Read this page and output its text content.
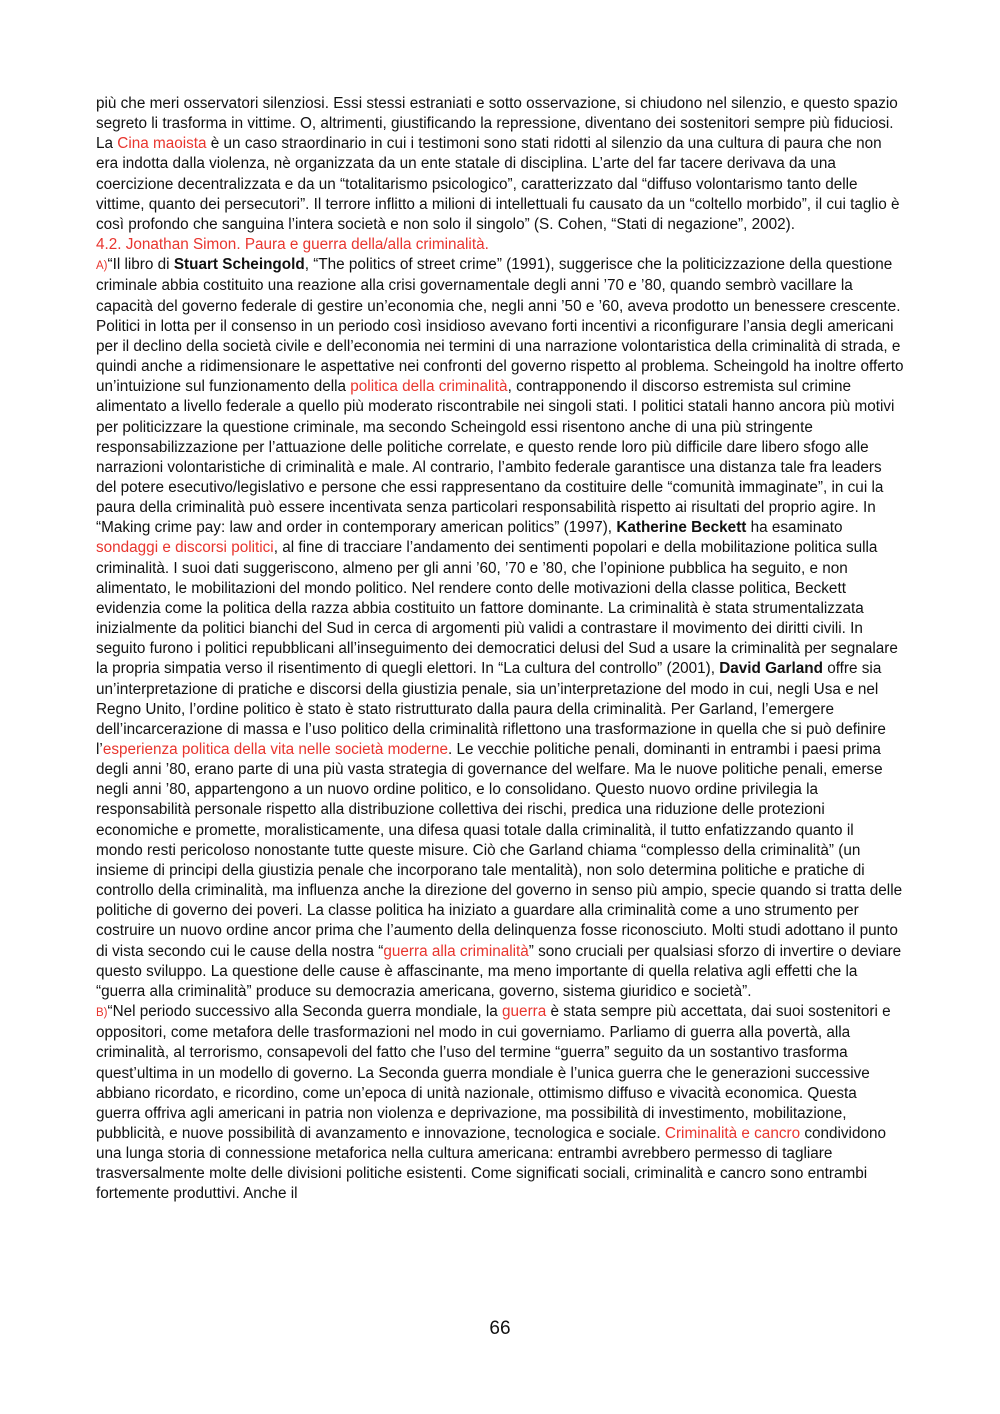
più che meri osservatori silenziosi. Essi stessi estraniati e sotto osservazione, si chiudono nel silenzio, e questo spazio segreto li trasforma in vittime. O, altrimenti, giustificando la repressione, diventano dei sostenitori sempre più fiduciosi. La Cina maoista è un caso straordinario in cui i testimoni sono stati ridotti al silenzio da una cultura di paura che non era indotta dalla violenza, nè organizzata da un ente statale di disciplina. L’arte del far tacere derivava da una coercizione decentralizzata e da un “totalitarismo psicologico”, caratterizzato dal “diffuso volontarismo tanto delle vittime, quanto dei persecutori”. Il terrore inflitto a milioni di intellettuali fu causato da un “coltello morbido”, il cui taglio è così profondo che sanguina l’intera società e non solo il singolo” (S. Cohen, “Stati di negazione”, 2002).

4.2. Jonathan Simon. Paura e guerra della/alla criminalità.

A)“Il libro di Stuart Scheingold, “The politics of street crime” (1991), suggerisce che la politicizzazione della questione criminale abbia costituito una reazione alla crisi governamentale degli anni ’70 e ’80, quando sembrò vacillare la capacità del governo federale di gestire un’economia che, negli anni ’50 e ’60, aveva prodotto un benessere crescente. Politici in lotta per il consenso in un periodo così insidioso avevano forti incentivi a riconfigurare l’ansia degli americani per il declino della società civile e dell’economia nei termini di una narrazione volontaristica della criminalità di strada, e quindi anche a ridimensionare le aspettative nei confronti del governo rispetto al problema. Scheingold ha inoltre offerto un’intuizione sul funzionamento della politica della criminalità, contrapponendo il discorso estremista sul crimine alimentato a livello federale a quello più moderato riscontrabile nei singoli stati. I politici statali hanno ancora più motivi per politicizzare la questione criminale, ma secondo Scheingold essi risentono anche di una più stringente responsabilizzazione per l’attuazione delle politiche correlate, e questo rende loro più difficile dare libero sfogo alle narrazioni volontaristiche di criminalità e male. Al contrario, l’ambito federale garantisce una distanza tale fra leaders del potere esecutivo/legislativo e persone che essi rappresentano da costituire delle “comunità immaginate”, in cui la paura della criminalità può essere incentivata senza particolari responsabilità rispetto ai risultati del proprio agire. In “Making crime pay: law and order in contemporary american politics” (1997), Katherine Beckett ha esaminato sondaggi e discorsi politici, al fine di tracciare l’andamento dei sentimenti popolari e della mobilitazione politica sulla criminalità. I suoi dati suggeriscono, almeno per gli anni ’60, ’70 e ’80, che l’opinione pubblica ha seguito, e non alimentato, le mobilitazioni del mondo politico. Nel rendere conto delle motivazioni della classe politica, Beckett evidenzia come la politica della razza abbia costituito un fattore dominante. La criminalità è stata strumentalizzata inizialmente da politici bianchi del Sud in cerca di argomenti più validi a contrastare il movimento dei diritti civili. In seguito furono i politici repubblicani all’inseguimento dei democratici delusi del Sud a usare la criminalità per segnalare la propria simpatia verso il risentimento di quegli elettori. In “La cultura del controllo” (2001), David Garland offre sia un’interpretazione di pratiche e discorsi della giustizia penale, sia un’interpretazione del modo in cui, negli Usa e nel Regno Unito, l’ordine politico è stato è stato ristrutturato dalla paura della criminalità. Per Garland, l’emergere dell’incarcerazione di massa e l’uso politico della criminalità riflettono una trasformazione in quella che si può definire l’esperienza politica della vita nelle società moderne. Le vecchie politiche penali, dominanti in entrambi i paesi prima degli anni ’80, erano parte di una più vasta strategia di governance del welfare. Ma le nuove politiche penali, emerse negli anni ’80, appartengono a un nuovo ordine politico, e lo consolidano. Questo nuovo ordine privilegia la responsabilità personale rispetto alla distribuzione collettiva dei rischi, predica una riduzione delle protezioni economiche e promette, moralisticamente, una difesa quasi totale dalla criminalità, il tutto enfatizzando quanto il mondo resti pericoloso nonostante tutte queste misure. Ciò che Garland chiama “complesso della criminalità” (un insieme di principi della giustizia penale che incorporano tale mentalità), non solo determina politiche e pratiche di controllo della criminalità, ma influenza anche la direzione del governo in senso più ampio, specie quando si tratta delle politiche di governo dei poveri. La classe politica ha iniziato a guardare alla criminalità come a uno strumento per costruire un nuovo ordine ancor prima che l’aumento della delinquenza fosse riconosciuto. Molti studi adottano il punto di vista secondo cui le cause della nostra “guerra alla criminalità” sono cruciali per qualsiasi sforzo di invertire o deviare questo sviluppo. La questione delle cause è affascinante, ma meno importante di quella relativa agli effetti che la “guerra alla criminalità” produce su democrazia americana, governo, sistema giuridico e società”.

B)“Nel periodo successivo alla Seconda guerra mondiale, la guerra è stata sempre più accettata, dai suoi sostenitori e oppositori, come metafora delle trasformazioni nel modo in cui governiamo. Parliamo di guerra alla povertà, alla criminalità, al terrorismo, consapevoli del fatto che l’uso del termine “guerra” seguito da un sostantivo trasforma quest’ultima in un modello di governo. La Seconda guerra mondiale è l’unica guerra che le generazioni successive abbiano ricordato, e ricordino, come un’epoca di unità nazionale, ottimismo diffuso e vivacità economica. Questa guerra offriva agli americani in patria non violenza e deprivazione, ma possibilità di investimento, mobilitazione, pubblicità, e nuove possibilità di avanzamento e innovazione, tecnologica e sociale. Criminalità e cancro condividono una lunga storia di connessione metaforica nella cultura americana: entrambi avrebbero permesso di tagliare trasversalmente molte delle divisioni politiche esistenti. Come significati sociali, criminalità e cancro sono entrambi fortemente produttivi. Anche il

66
